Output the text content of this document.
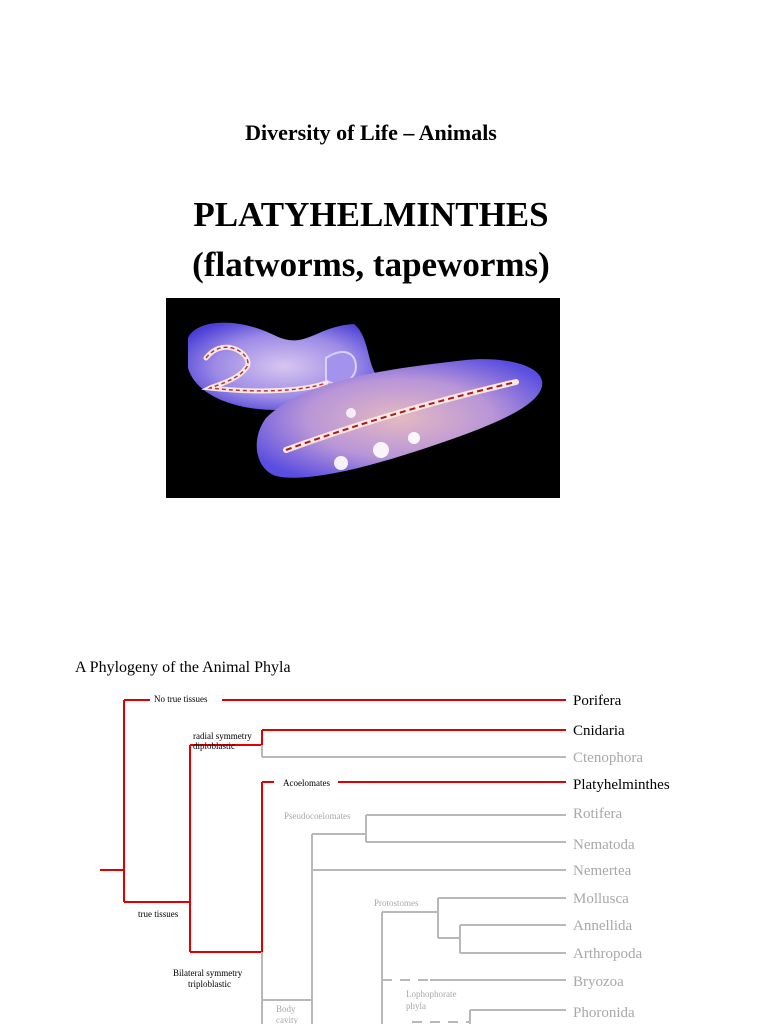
Diversity of Life – Animals
PLATYHELMINTHES
(flatworms, tapeworms)
A Phylogeny of the Animal Phyla
Porifera
Cnidaria
Ctenophora
Platyhelminthes
Rotifera
Nematoda
Nemertea
Mollusca
Annellida
Arthropoda
Bryozoa
Phoronida
No true tissues
radial symmetry
diploblastic
Acoelomates
Pseudocoelomates
Protostomes
true tissues
Bilateral symmetry
triploblastic
Lophophorate
phyla
Body
cavity
